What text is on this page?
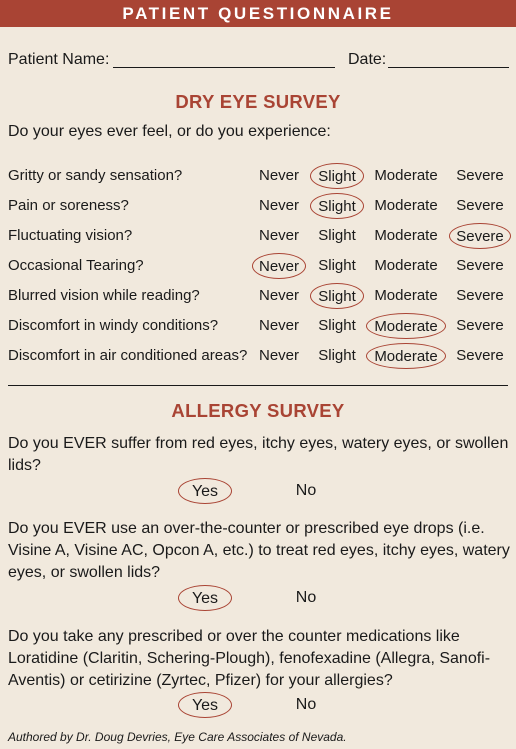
PATIENT QUESTIONNAIRE
Patient Name:	Date:
DRY EYE SURVEY
Do your eyes ever feel, or do you experience:
Gritty or sandy sensation?	Never	Slight	Moderate	Severe
Pain or soreness?	Never	Slight	Moderate	Severe
Fluctuating vision?	Never	Slight	Moderate	Severe
Occasional Tearing?	Never	Slight	Moderate	Severe
Blurred vision while reading?	Never	Slight	Moderate	Severe
Discomfort in windy conditions?	Never	Slight	Moderate	Severe
Discomfort in air conditioned areas? Never	Slight	Moderate	Severe
ALLERGY SURVEY
Do you EVER suffer from red eyes, itchy eyes, watery eyes, or swollen lids?
Yes	No
Do you EVER use an over-the-counter or prescribed eye drops (i.e. Visine A, Visine AC, Opcon A, etc.) to treat red eyes, itchy eyes, watery eyes, or swollen lids?
Yes	No
Do you take any prescribed or over the counter medications like Loratidine (Claritin, Schering-Plough), fenofexadine (Allegra, Sanofi-Aventis) or cetirizine (Zyrtec, Pfizer) for your allergies?
Yes	No
Authored by Dr. Doug Devries, Eye Care Associates of Nevada.
